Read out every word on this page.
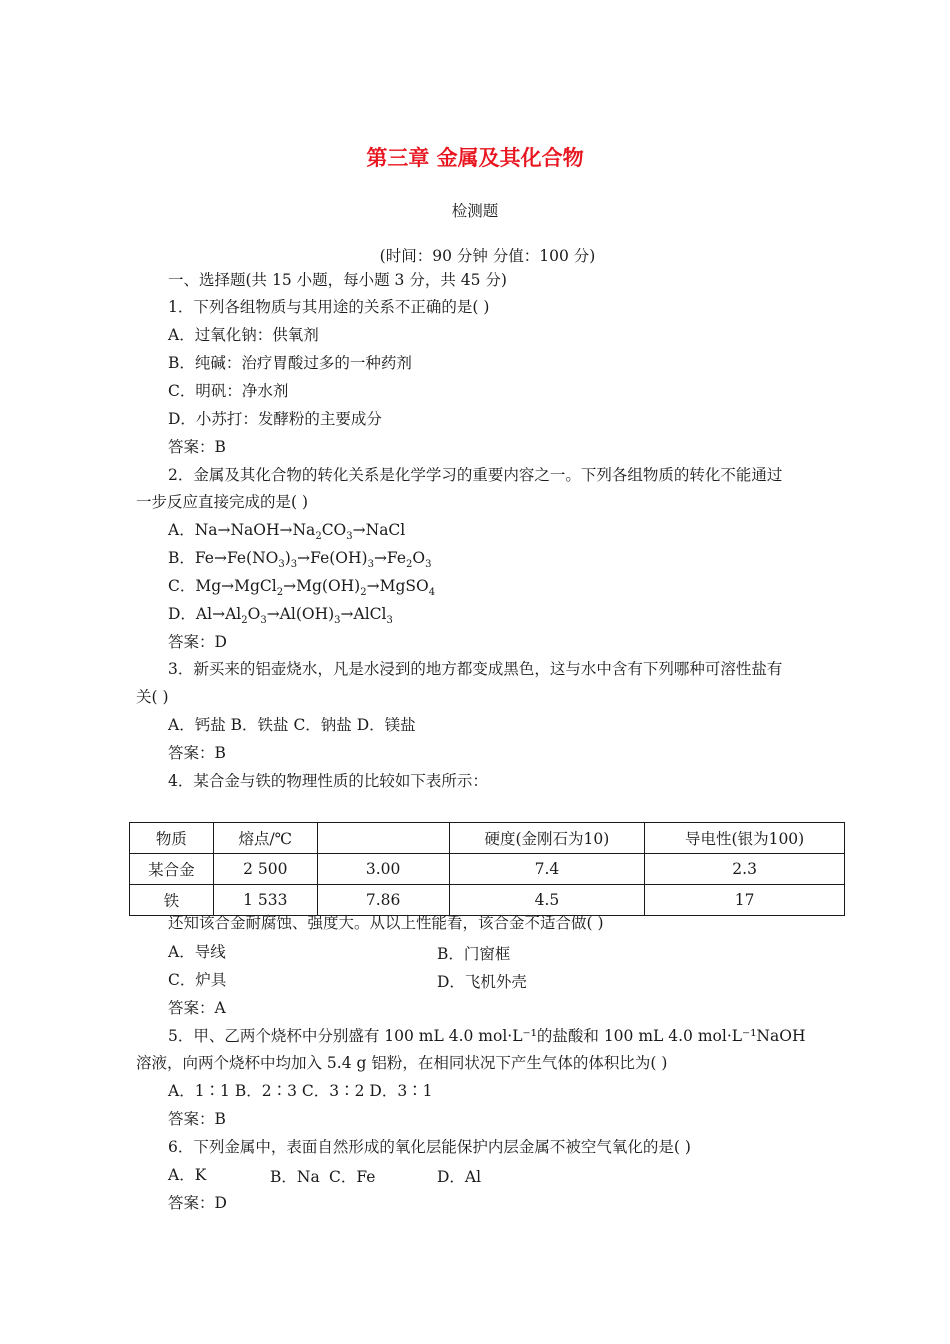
第三章 金属及其化合物
检测题
(时间：90 分钟 分值：100 分)
一、选择题(共 15 小题，每小题 3 分，共 45 分)
1．下列各组物质与其用途的关系不正确的是( )
A．过氧化钠：供氧剂
B．纯碱：治疗胃酸过多的一种药剂
C．明矾：净水剂
D．小苏打：发酵粉的主要成分
答案：B
2．金属及其化合物的转化关系是化学学习的重要内容之一。下列各组物质的转化不能通过
一步反应直接完成的是( )
A．$Na\to NaOH\to Na_2CO_3\to NaCl$
B．$Fe\to Fe(NO_3)_3\to Fe(OH)_3\to Fe_2O_3$
C．$Mg\to MgCl_2\to Mg(OH)_2\to MgSO_4$
D．$Al\to Al_2O_3\to Al(OH)_3\to AlCl_3$
答案：D
3．新买来的铝壶烧水，凡是水浸到的地方都变成黑色，这与水中含有下列哪种可溶性盐有
关( )
A．钙盐 B．铁盐 C．钠盐 D．镁盐
答案：B
4．某合金与铁的物理性质的比较如下表所示：
物质	熔点/℃		硬度(金刚石为10)	导电性(银为100)
某合金	2 500	3.00	7.4	2.3
铁	1 533	7.86	4.5	17
还知该合金耐腐蚀、强度大。从以上性能看，该合金不适合做( )
A．导线	B．门窗框
C．炉具	D．飞机外壳
答案：A
5．甲、乙两个烧杯中分别盛有 100 mL 4.0 mol·L⁻¹的盐酸和 100 mL 4.0 mol·L⁻¹NaOH
溶液，向两个烧杯中均加入 5.4 g 铝粉，在相同状况下产生气体的体积比为( )
A．1∶1 B．2∶3 C．3∶2 D．3∶1
答案：B
6．下列金属中，表面自然形成的氧化层能保护内层金属不被空气氧化的是( )
A．K	B．Na C．Fe	D．Al
答案：D
